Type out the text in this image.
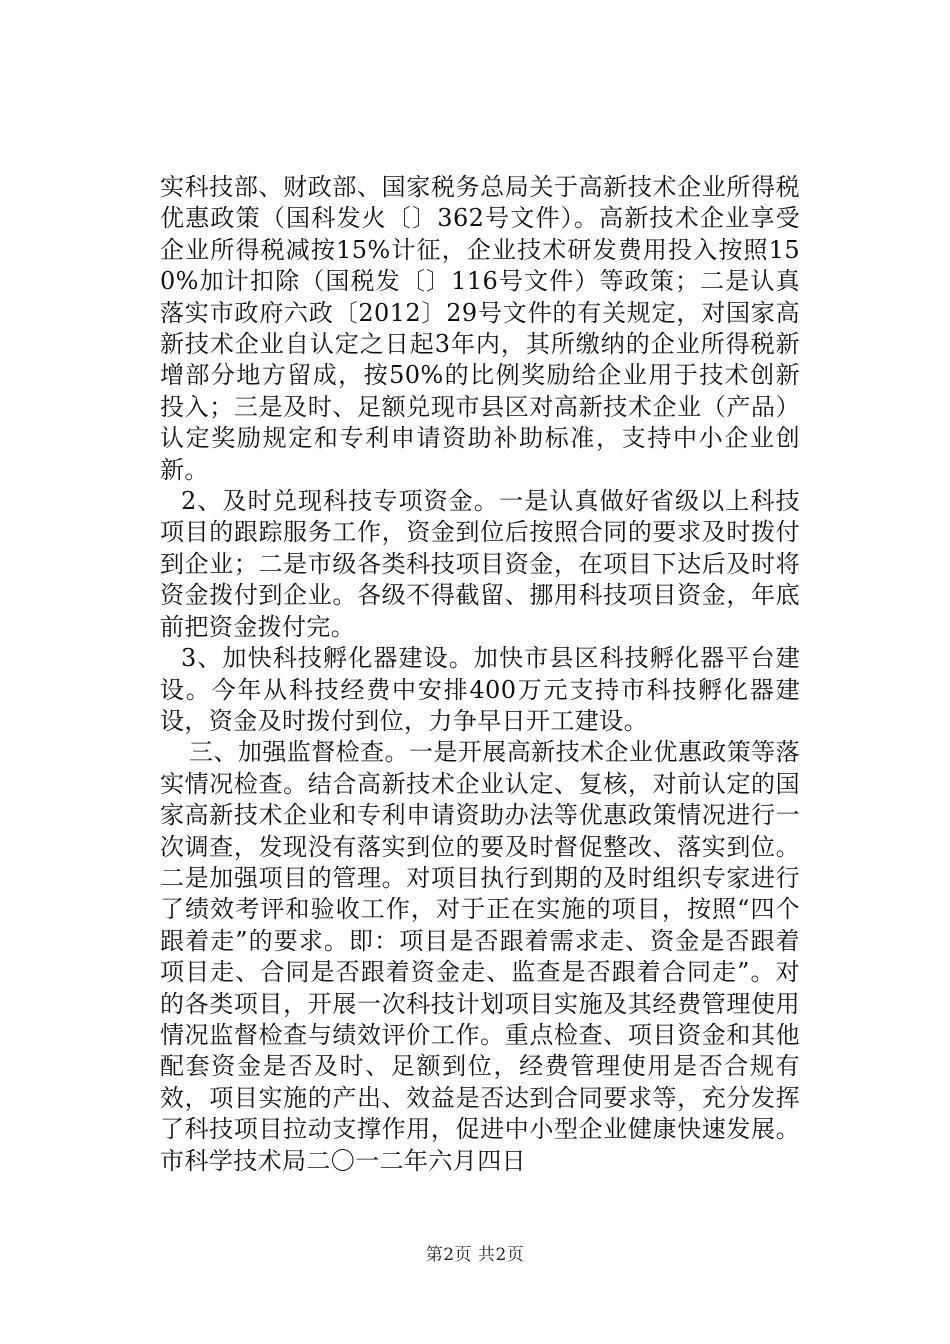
实科技部、财政部、国家税务总局关于高新技术企业所得税优惠政策（国科发火〔〕362号文件）。高新技术企业享受企业所得税减按15%计征，企业技术研发费用投入按照150%加计扣除（国税发〔〕116号文件）等政策；二是认真落实市政府六政〔2012〕29号文件的有关规定，对国家高新技术企业自认定之日起3年内，其所缴纳的企业所得税新增部分地方留成，按50%的比例奖励给企业用于技术创新投入；三是及时、足额兑现市县区对高新技术企业（产品）认定奖励规定和专利申请资助补助标准，支持中小企业创新。

2、及时兑现科技专项资金。一是认真做好省级以上科技项目的跟踪服务工作，资金到位后按照合同的要求及时拨付到企业；二是市级各类科技项目资金，在项目下达后及时将资金拨付到企业。各级不得截留、挪用科技项目资金，年底前把资金拨付完。

3、加快科技孵化器建设。加快市县区科技孵化器平台建设。今年从科技经费中安排400万元支持市科技孵化器建设，资金及时拨付到位，力争早日开工建设。

三、加强监督检查。一是开展高新技术企业优惠政策等落实情况检查。结合高新技术企业认定、复核，对前认定的国家高新技术企业和专利申请资助办法等优惠政策情况进行一次调查，发现没有落实到位的要及时督促整改、落实到位。二是加强项目的管理。对项目执行到期的及时组织专家进行了绩效考评和验收工作，对于正在实施的项目，按照“四个跟着走”的要求。即：项目是否跟着需求走、资金是否跟着项目走、合同是否跟着资金走、监查是否跟着合同走”。对的各类项目，开展一次科技计划项目实施及其经费管理使用情况监督检查与绩效评价工作。重点检查、项目资金和其他配套资金是否及时、足额到位，经费管理使用是否合规有效，项目实施的产出、效益是否达到合同要求等，充分发挥了科技项目拉动支撑作用，促进中小型企业健康快速发展。市科学技术局二〇一二年六月四日

第2页 共2页
